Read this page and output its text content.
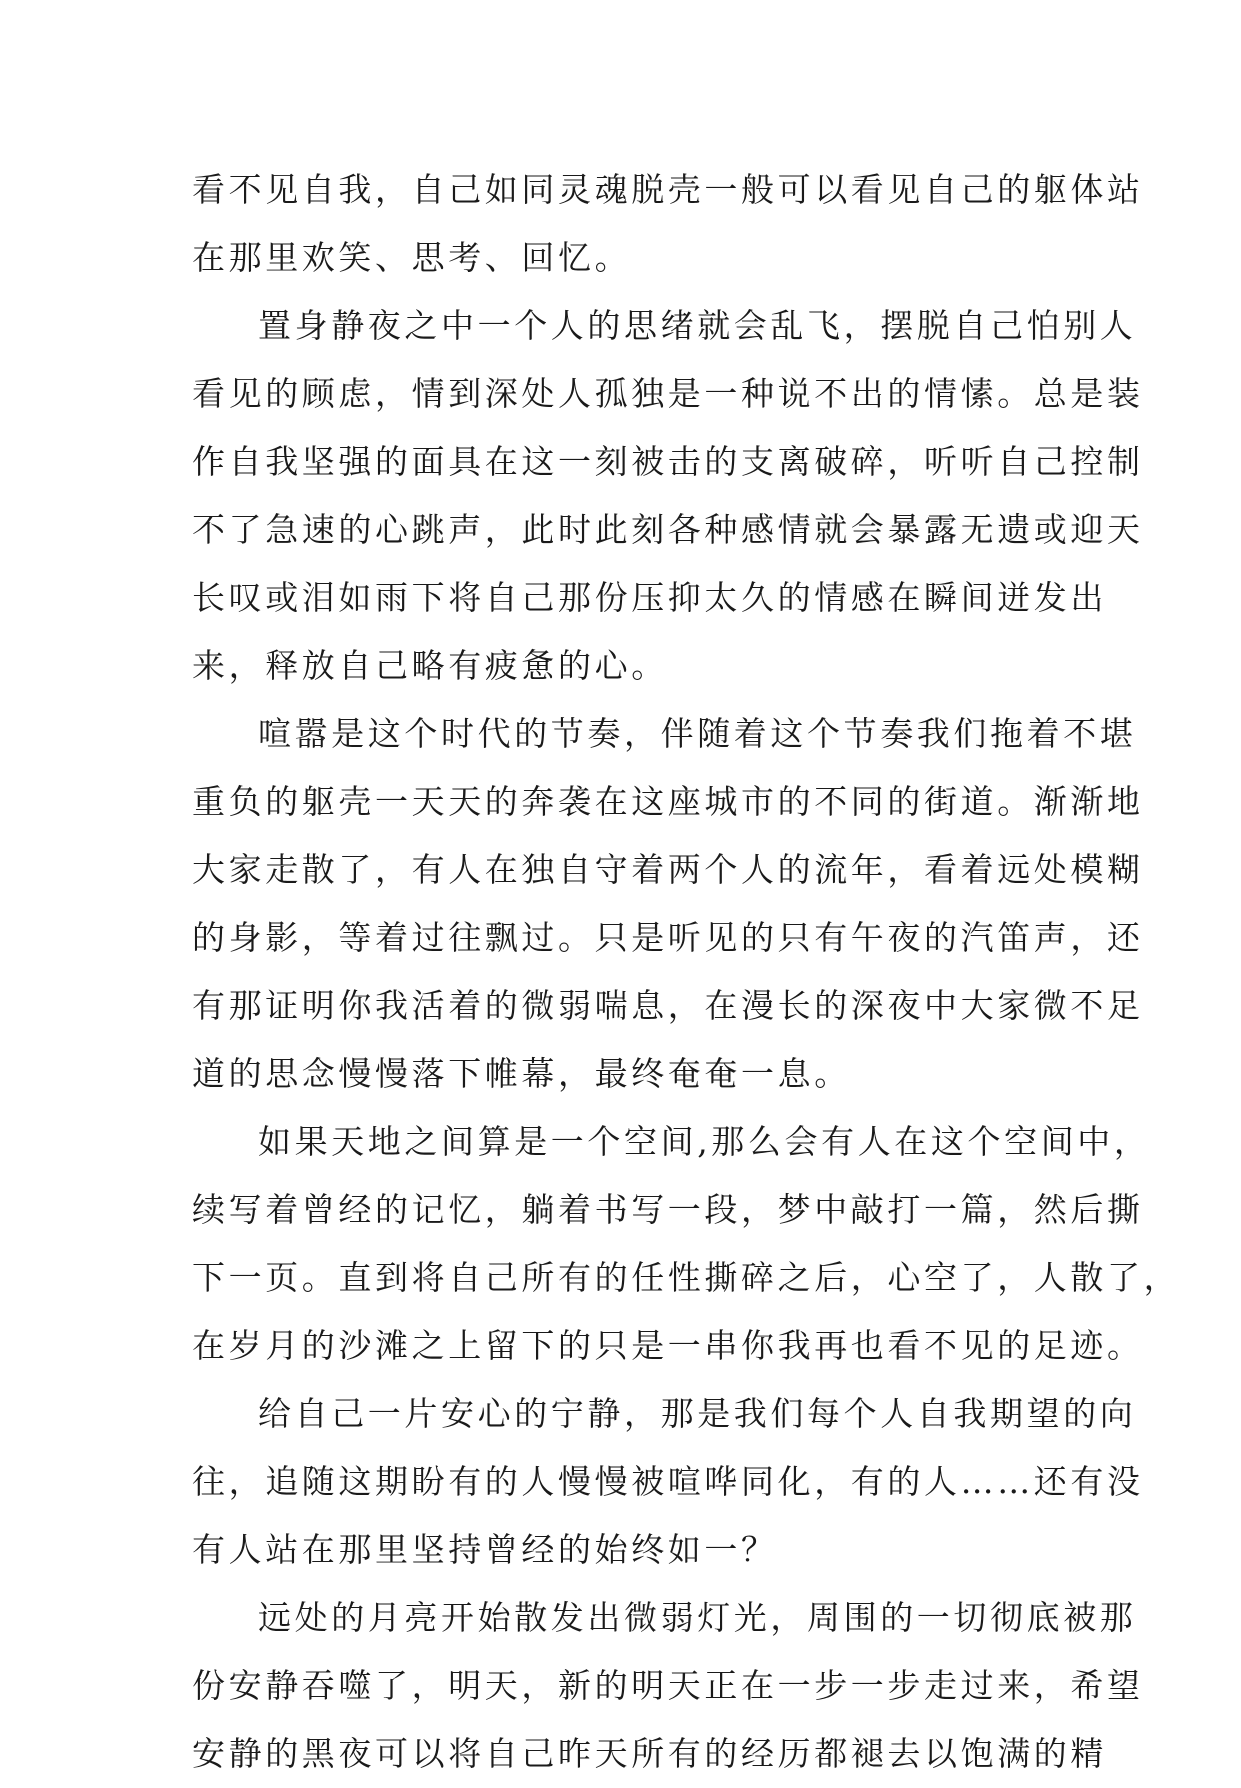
看不见自我，自己如同灵魂脱壳一般可以看见自己的躯体站
在那里欢笑、思考、回忆。
置身静夜之中一个人的思绪就会乱飞，摆脱自己怕别人
看见的顾虑，情到深处人孤独是一种说不出的情愫。总是装
作自我坚强的面具在这一刻被击的支离破碎，听听自己控制
不了急速的心跳声，此时此刻各种感情就会暴露无遗或迎天
长叹或泪如雨下将自己那份压抑太久的情感在瞬间迸发出
来，释放自己略有疲惫的心。
喧嚣是这个时代的节奏，伴随着这个节奏我们拖着不堪
重负的躯壳一天天的奔袭在这座城市的不同的街道。渐渐地
大家走散了，有人在独自守着两个人的流年，看着远处模糊
的身影，等着过往飘过。只是听见的只有午夜的汽笛声，还
有那证明你我活着的微弱喘息，在漫长的深夜中大家微不足
道的思念慢慢落下帷幕，最终奄奄一息。
如果天地之间算是一个空间,那么会有人在这个空间中，
续写着曾经的记忆，躺着书写一段，梦中敲打一篇，然后撕
下一页。直到将自己所有的任性撕碎之后，心空了，人散了，
在岁月的沙滩之上留下的只是一串你我再也看不见的足迹。
给自己一片安心的宁静，那是我们每个人自我期望的向
往，追随这期盼有的人慢慢被喧哗同化，有的人……还有没
有人站在那里坚持曾经的始终如一？
远处的月亮开始散发出微弱灯光，周围的一切彻底被那
份安静吞噬了，明天，新的明天正在一步一步走过来，希望
安静的黑夜可以将自己昨天所有的经历都褪去以饱满的精
